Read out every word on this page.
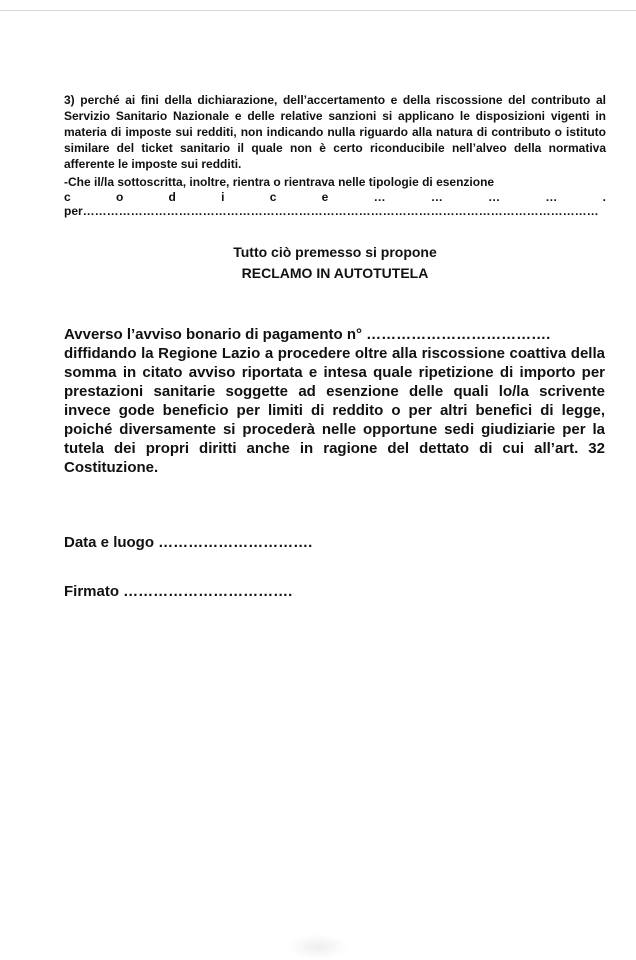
3) perché ai fini della dichiarazione, dell’accertamento e della riscossione del contributo al Servizio Sanitario Nazionale e delle relative sanzioni si applicano le disposizioni vigenti in materia di imposte sui redditi, non indicando nulla riguardo alla natura di contributo o istituto similare del ticket sanitario il quale non è certo riconducibile nell’alveo della normativa afferente le imposte sui redditi.

-Che il/la sottoscritta, inoltre, rientra o rientrava nelle tipologie di esenzione

c	o	d	i	c	e	…	…	…	…	.
per…………………………………………………………………………………………………………………
Tutto ciò premesso si propone
RECLAMO IN AUTOTUTELA
Avverso l’avviso bonario di pagamento n° ……………………………….

diffidando la Regione Lazio a procedere oltre alla riscossione coattiva della somma in citato avviso riportata e intesa quale ripetizione di importo per prestazioni sanitarie soggette ad esenzione delle quali lo/la scrivente invece gode beneficio per limiti di reddito o per altri benefici di legge, poiché diversamente si procederà nelle opportune sedi giudiziarie per la tutela dei propri diritti anche in ragione del dettato di cui all’art. 32 Costituzione.

Data e luogo ………………………….
Firmato …………………………….
